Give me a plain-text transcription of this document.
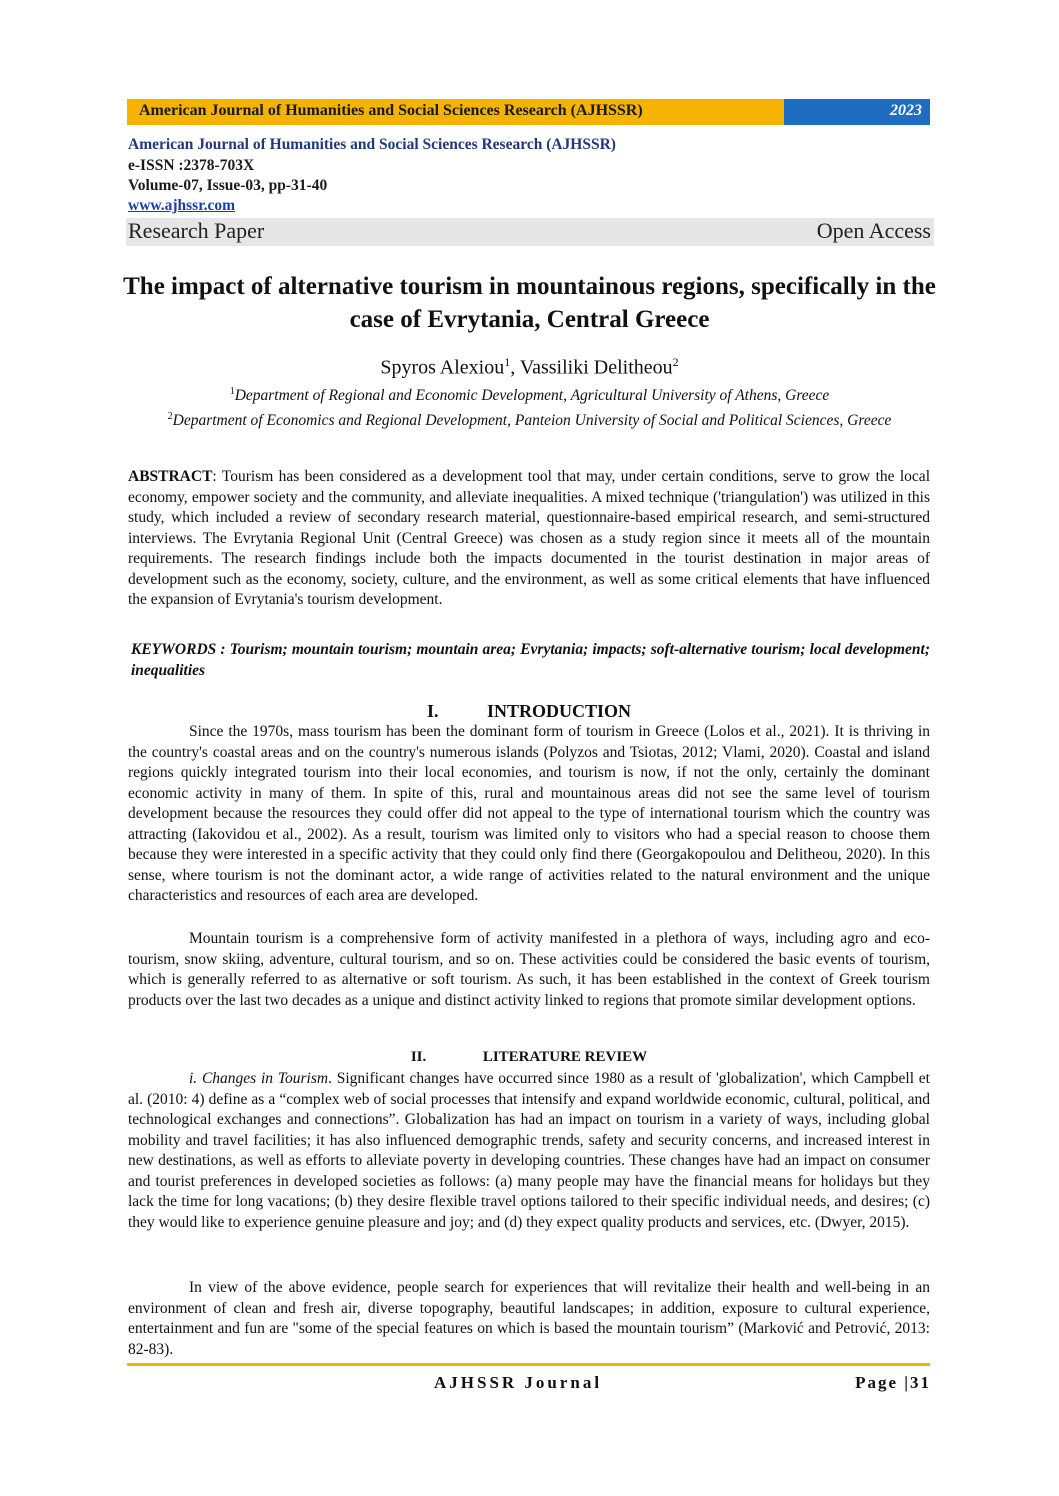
American Journal of Humanities and Social Sciences Research (AJHSSR)	2023
American Journal of Humanities and Social Sciences Research (AJHSSR)
e-ISSN :2378-703X
Volume-07, Issue-03, pp-31-40
www.ajhssr.com
Research Paper	Open Access
The impact of alternative tourism in mountainous regions, specifically in the case of Evrytania, Central Greece
Spyros Alexiou$^1$, Vassiliki Delitheou$^2$
$^1$Department of Regional and Economic Development, Agricultural University of Athens, Greece
$^2$Department of Economics and Regional Development, Panteion University of Social and Political Sciences, Greece
ABSTRACT: Tourism has been considered as a development tool that may, under certain conditions, serve to grow the local economy, empower society and the community, and alleviate inequalities. A mixed technique ('triangulation') was utilized in this study, which included a review of secondary research material, questionnaire-based empirical research, and semi-structured interviews. The Evrytania Regional Unit (Central Greece) was chosen as a study region since it meets all of the mountain requirements. The research findings include both the impacts documented in the tourist destination in major areas of development such as the economy, society, culture, and the environment, as well as some critical elements that have influenced the expansion of Evrytania's tourism development.
KEYWORDS : Tourism; mountain tourism; mountain area; Evrytania; impacts; soft-alternative tourism; local development; inequalities
I.	INTRODUCTION
Since the 1970s, mass tourism has been the dominant form of tourism in Greece (Lolos et al., 2021). It is thriving in the country's coastal areas and on the country's numerous islands (Polyzos and Tsiotas, 2012; Vlami, 2020). Coastal and island regions quickly integrated tourism into their local economies, and tourism is now, if not the only, certainly the dominant economic activity in many of them. In spite of this, rural and mountainous areas did not see the same level of tourism development because the resources they could offer did not appeal to the type of international tourism which the country was attracting (Iakovidou et al., 2002). As a result, tourism was limited only to visitors who had a special reason to choose them because they were interested in a specific activity that they could only find there (Georgakopoulou and Delitheou, 2020). In this sense, where tourism is not the dominant actor, a wide range of activities related to the natural environment and the unique characteristics and resources of each area are developed.
Mountain tourism is a comprehensive form of activity manifested in a plethora of ways, including agro and eco-tourism, snow skiing, adventure, cultural tourism, and so on. These activities could be considered the basic events of tourism, which is generally referred to as alternative or soft tourism. As such, it has been established in the context of Greek tourism products over the last two decades as a unique and distinct activity linked to regions that promote similar development options.
II.	LITERATURE REVIEW
i. Changes in Tourism. Significant changes have occurred since 1980 as a result of 'globalization', which Campbell et al. (2010: 4) define as a “complex web of social processes that intensify and expand worldwide economic, cultural, political, and technological exchanges and connections”. Globalization has had an impact on tourism in a variety of ways, including global mobility and travel facilities; it has also influenced demographic trends, safety and security concerns, and increased interest in new destinations, as well as efforts to alleviate poverty in developing countries. These changes have had an impact on consumer and tourist preferences in developed societies as follows: (a) many people may have the financial means for holidays but they lack the time for long vacations; (b) they desire flexible travel options tailored to their specific individual needs, and desires; (c) they would like to experience genuine pleasure and joy; and (d) they expect quality products and services, etc. (Dwyer, 2015).
In view of the above evidence, people search for experiences that will revitalize their health and well-being in an environment of clean and fresh air, diverse topography, beautiful landscapes; in addition, exposure to cultural experience, entertainment and fun are "some of the special features on which is based the mountain tourism” (Marković and Petrović, 2013: 82-83).
AJHSSR Journal	Page |31
